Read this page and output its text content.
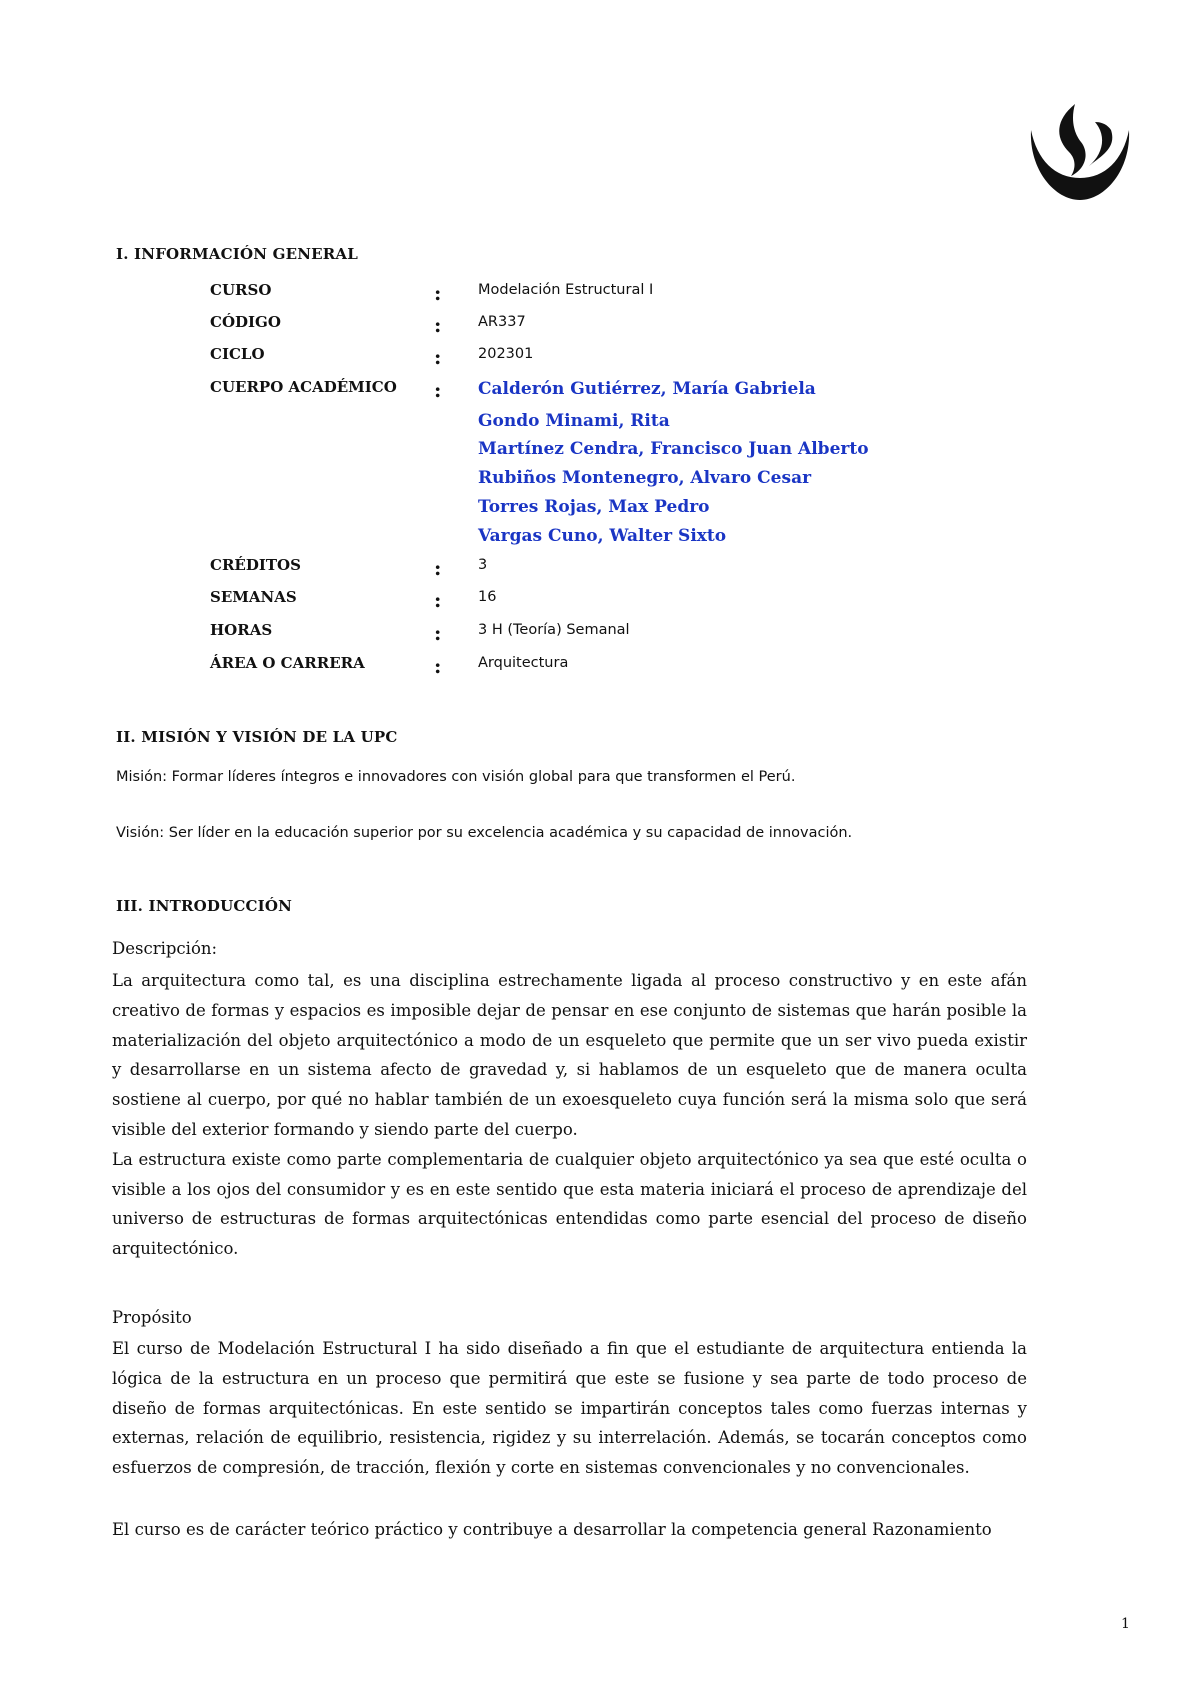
I. INFORMACIÓN GENERAL
CURSO	:	Modelación Estructural I
CÓDIGO	:	AR337
CICLO	:	202301
CUERPO ACADÉMICO : Calderón Gutiérrez, María Gabriela
Gondo Minami, Rita
Martínez Cendra, Francisco Juan Alberto
Rubiños Montenegro, Alvaro Cesar
Torres Rojas, Max Pedro
Vargas Cuno, Walter Sixto
CRÉDITOS	:	3
SEMANAS	:	16
HORAS	:	3 H (Teoría) Semanal
ÁREA O CARRERA	:	Arquitectura
II. MISIÓN Y VISIÓN DE LA UPC
Misión: Formar líderes íntegros e innovadores con visión global para que transformen el Perú.
Visión: Ser líder en la educación superior por su excelencia académica y su capacidad de innovación.
III. INTRODUCCIÓN
Descripción:

La arquitectura como tal, es una disciplina estrechamente ligada al proceso constructivo y en este afán creativo de formas y espacios es imposible dejar de pensar en ese conjunto de sistemas que harán posible la materialización del objeto arquitectónico a modo de un esqueleto que permite que un ser vivo pueda existir y desarrollarse en un sistema afecto de gravedad y, si hablamos de un esqueleto que de manera oculta sostiene al cuerpo, por qué no hablar también de un exoesqueleto cuya función será la misma solo que será visible del exterior formando y siendo parte del cuerpo.

La estructura existe como parte complementaria de cualquier objeto arquitectónico ya sea que esté oculta o visible a los ojos del consumidor y es en este sentido que esta materia iniciará el proceso de aprendizaje del universo de estructuras de formas arquitectónicas entendidas como parte esencial del proceso de diseño arquitectónico.

Propósito

El curso de Modelación Estructural I ha sido diseñado a fin que el estudiante de arquitectura entienda la lógica de la estructura en un proceso que permitirá que este se fusione y sea parte de todo proceso de diseño de formas arquitectónicas. En este sentido se impartirán conceptos tales como fuerzas internas y externas, relación de equilibrio, resistencia, rigidez y su interrelación. Además, se tocarán conceptos como esfuerzos de compresión, de tracción, flexión y corte en sistemas convencionales y no convencionales.

El curso es de carácter teórico práctico y contribuye a desarrollar la competencia general Razonamiento

1
